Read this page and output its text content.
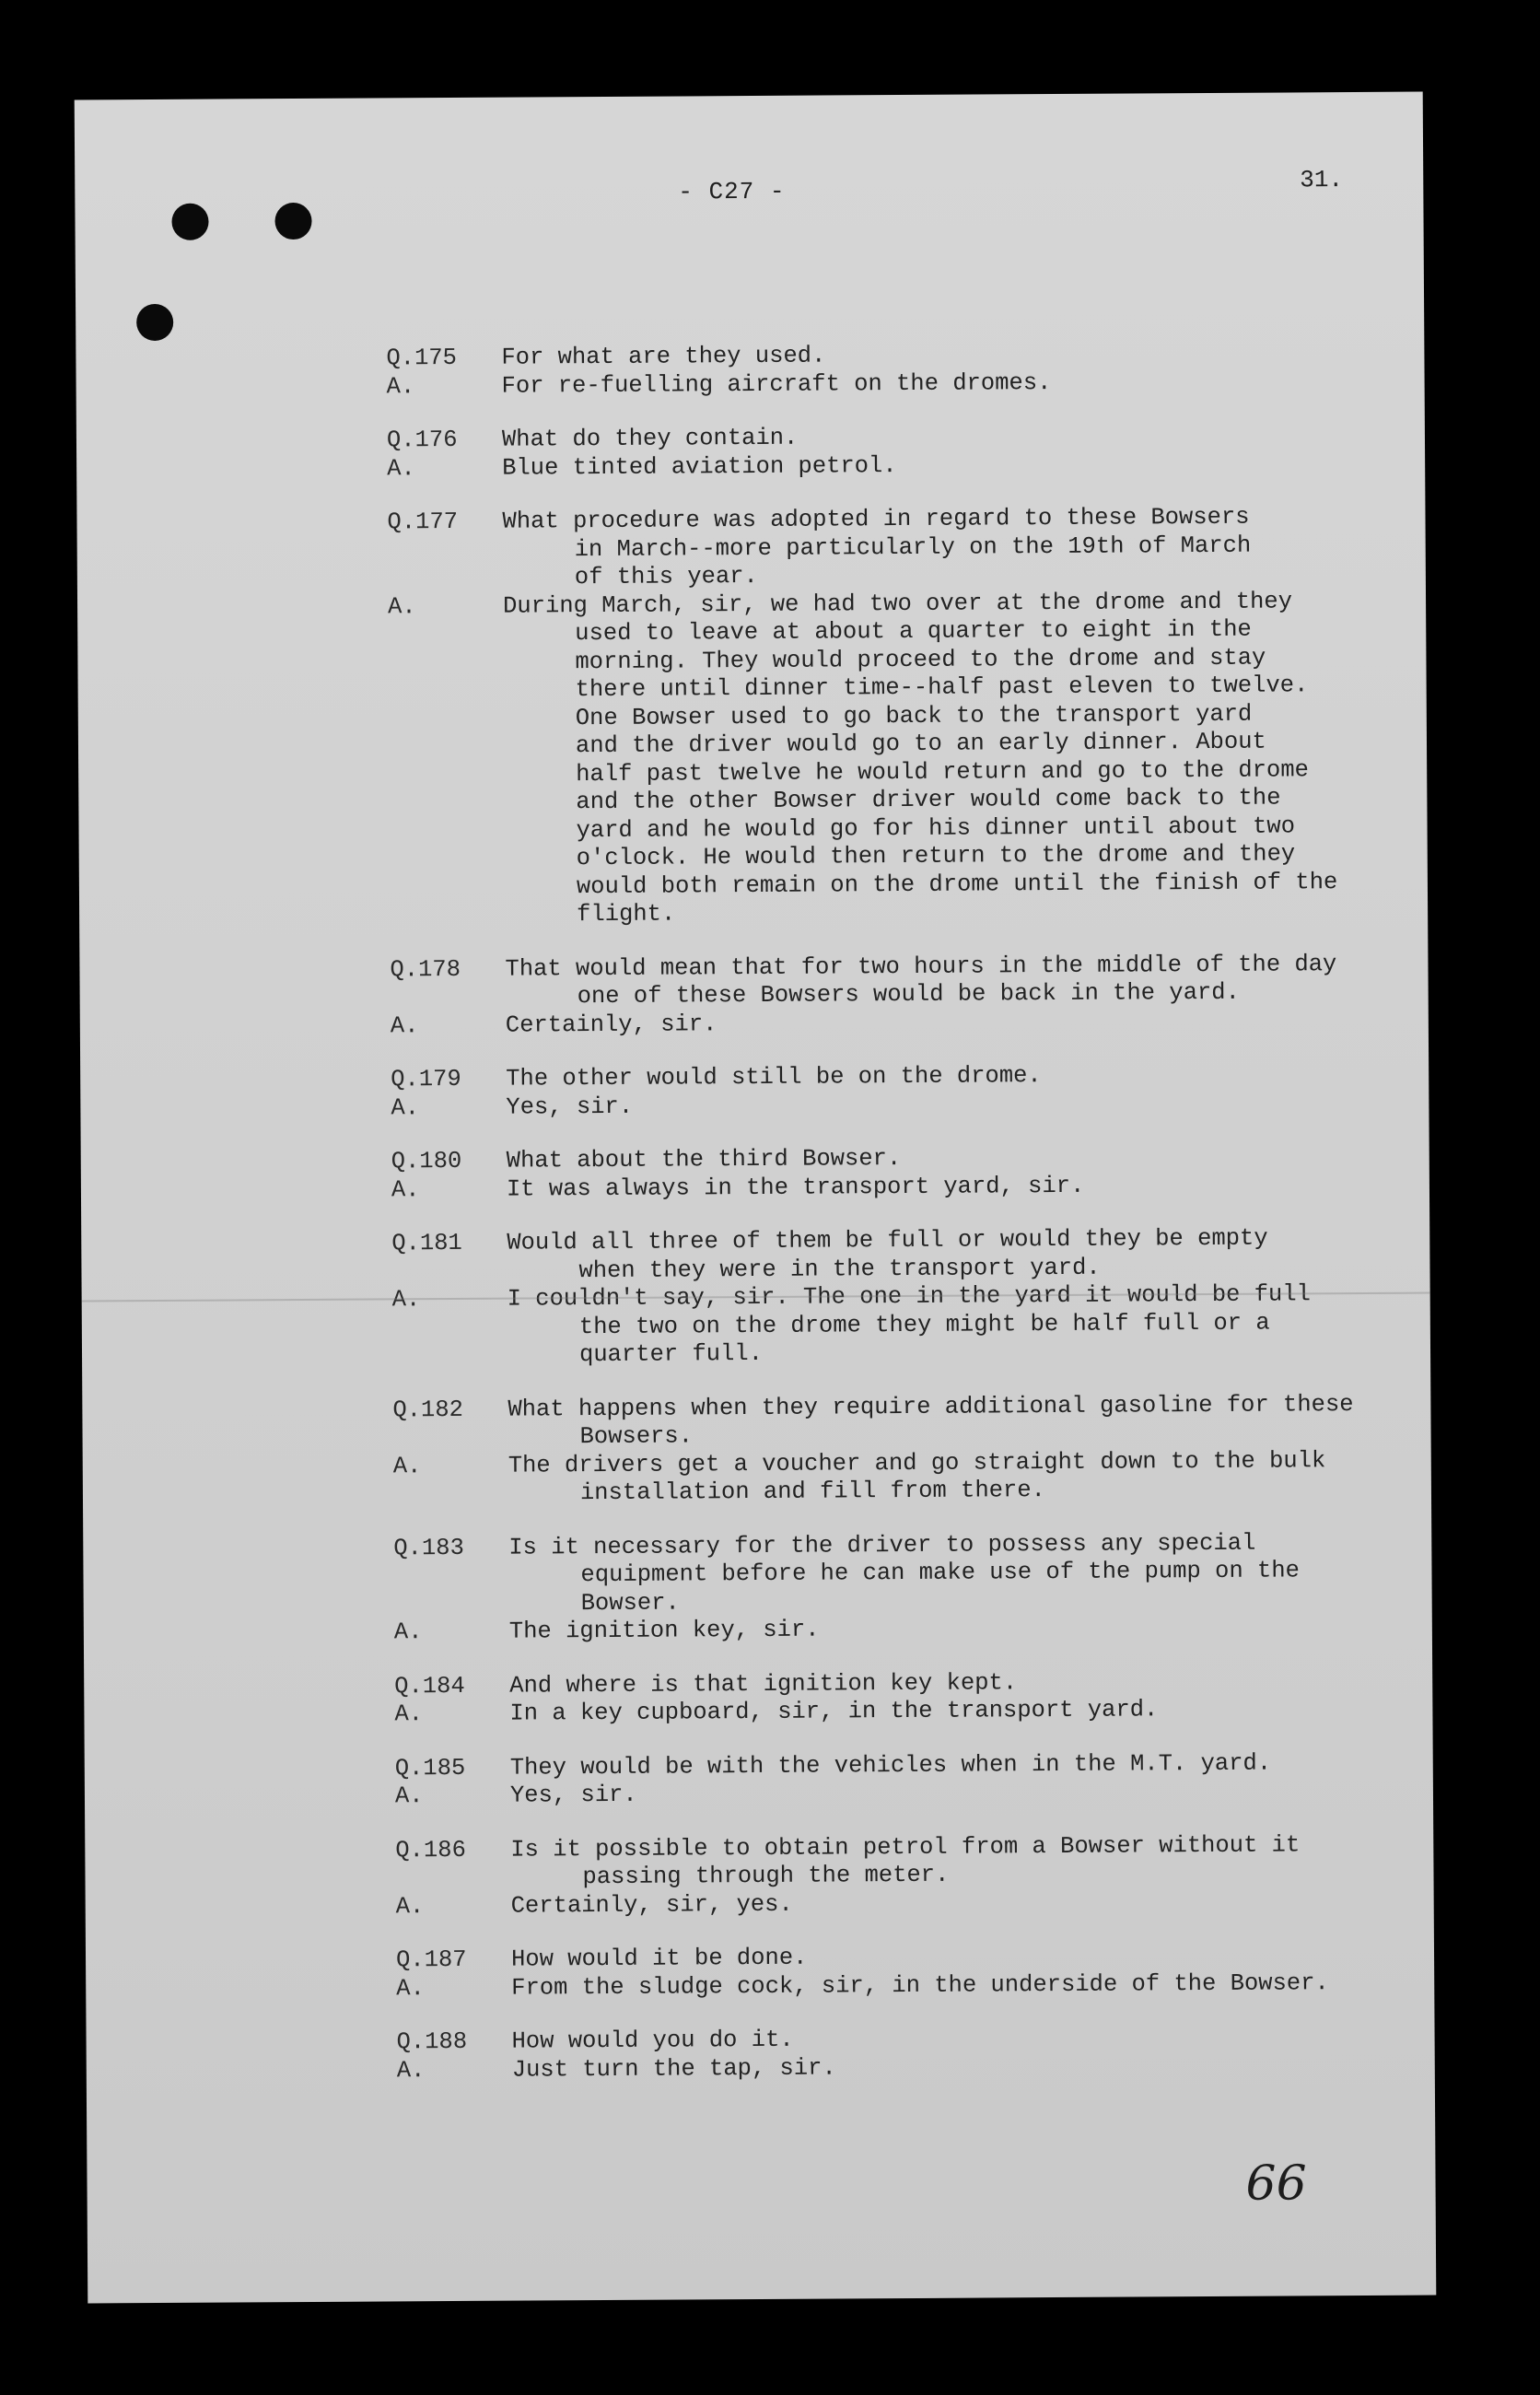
- C27 -	31.
Q.175	For what are they used.
A.	For re-fuelling aircraft on the dromes.
Q.176	What do they contain.
A.	Blue tinted aviation petrol.
Q.177	What procedure was adopted in regard to these Bowsers
in March--more particularly on the 19th of March
of this year.
A.	During March, sir, we had two over at the drome and they
used to leave at about a quarter to eight in the
morning. They would proceed to the drome and stay
there until dinner time--half past eleven to twelve.
One Bowser used to go back to the transport yard
and the driver would go to an early dinner. About
half past twelve he would return and go to the drome
and the other Bowser driver would come back to the
yard and he would go for his dinner until about two
o'clock. He would then return to the drome and they
would both remain on the drome until the finish of the
flight.
Q.178	That would mean that for two hours in the middle of the day
one of these Bowsers would be back in the yard.
A.	Certainly, sir.
Q.179	The other would still be on the drome.
A.	Yes, sir.
Q.180	What about the third Bowser.
A.	It was always in the transport yard, sir.
Q.181	Would all three of them be full or would they be empty
when they were in the transport yard.
A.	I couldn't say, sir. The one in the yard it would be full
the two on the drome they might be half full or a
quarter full.
Q.182	What happens when they require additional gasoline for these
Bowsers.
A.	The drivers get a voucher and go straight down to the bulk
installation and fill from there.
Q.183	Is it necessary for the driver to possess any special
equipment before he can make use of the pump on the
Bowser.
A.	The ignition key, sir.
Q.184	And where is that ignition key kept.
A.	In a key cupboard, sir, in the transport yard.
Q.185	They would be with the vehicles when in the M.T. yard.
A.	Yes, sir.
Q.186	Is it possible to obtain petrol from a Bowser without it
passing through the meter.
A.	Certainly, sir, yes.
Q.187	How would it be done.
A.	From the sludge cock, sir, in the underside of the Bowser.
Q.188	How would you do it.
A.	Just turn the tap, sir.
66
